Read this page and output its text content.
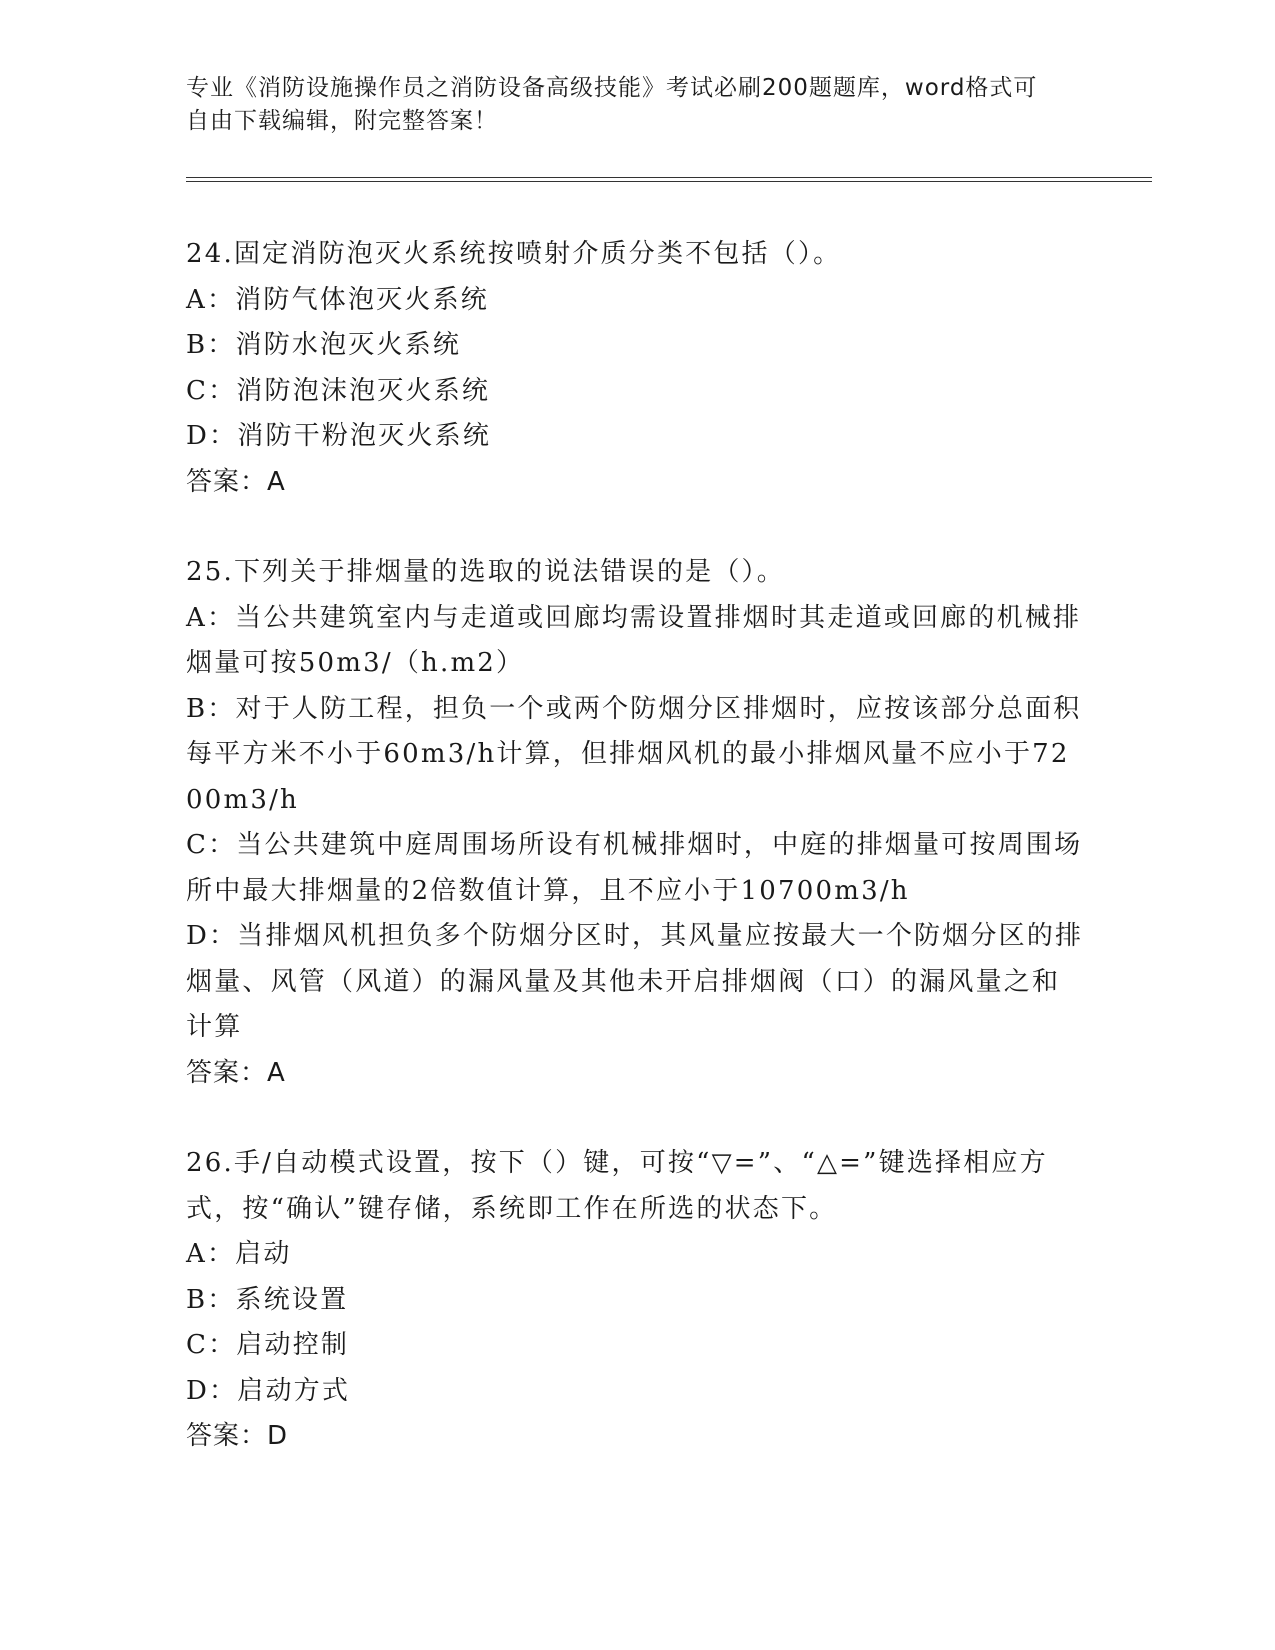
专业《消防设施操作员之消防设备高级技能》考试必刷200题题库，word格式可
自由下载编辑，附完整答案！
24.固定消防泡灭火系统按喷射介质分类不包括（）。
A：消防气体泡灭火系统
B：消防水泡灭火系统
C：消防泡沫泡灭火系统
D：消防干粉泡灭火系统
答案：A
25.下列关于排烟量的选取的说法错误的是（）。
A：当公共建筑室内与走道或回廊均需设置排烟时其走道或回廊的机械排烟量可按50m3/（h.m2）
B：对于人防工程，担负一个或两个防烟分区排烟时，应按该部分总面积每平方米不小于60m3/h计算，但排烟风机的最小排烟风量不应小于7200m3/h
C：当公共建筑中庭周围场所设有机械排烟时，中庭的排烟量可按周围场所中最大排烟量的2倍数值计算，且不应小于10700m3/h
D：当排烟风机担负多个防烟分区时，其风量应按最大一个防烟分区的排烟量、风管（风道）的漏风量及其他未开启排烟阀（口）的漏风量之和计算
答案：A
26.手/自动模式设置，按下（）键，可按“▽=”、“△=”键选择相应方式，按“确认”键存储，系统即工作在所选的状态下。
A：启动
B：系统设置
C：启动控制
D：启动方式
答案：D
